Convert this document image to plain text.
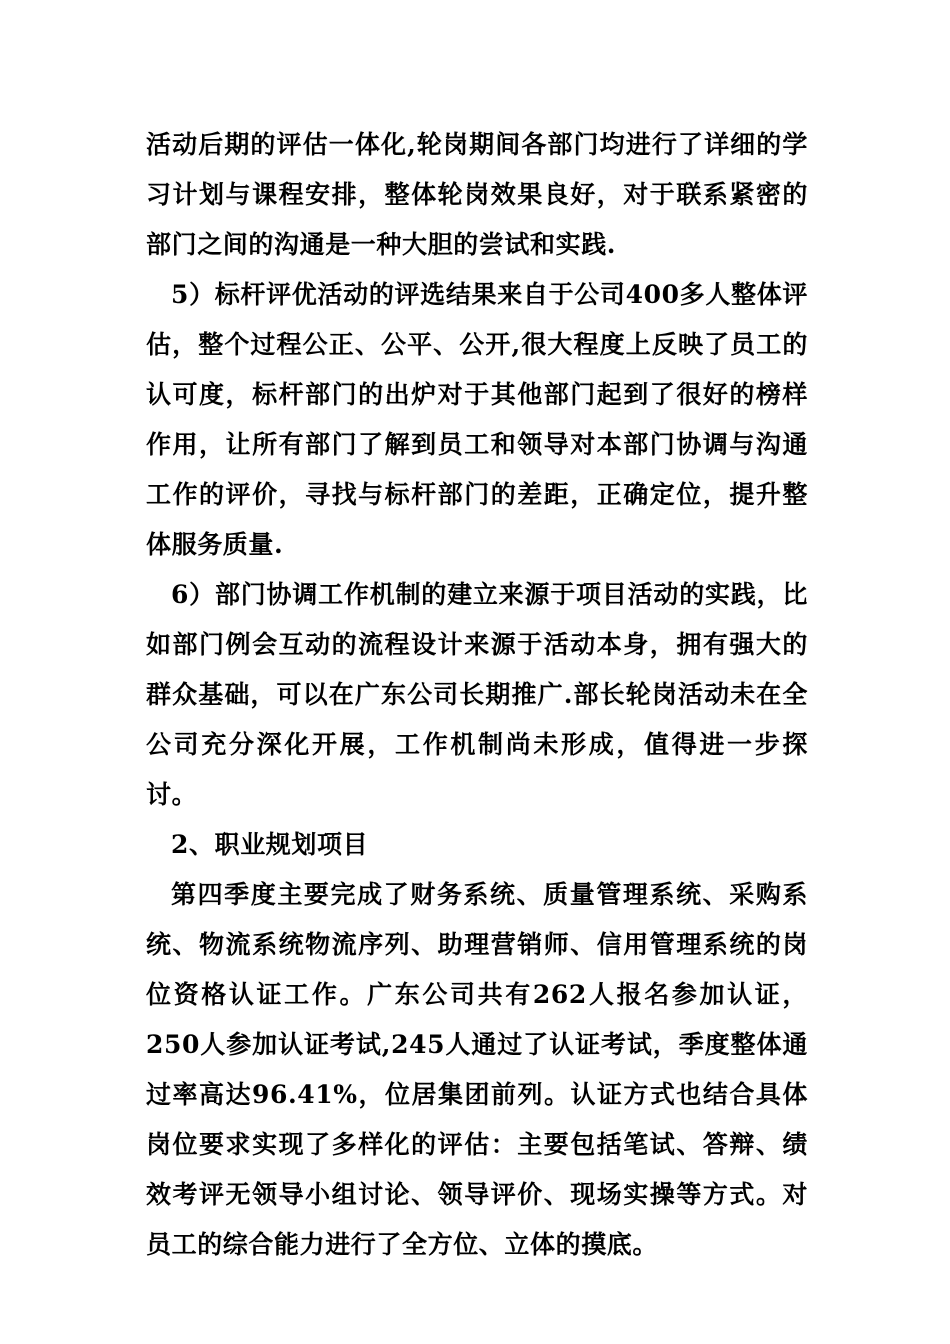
活动后期的评估一体化,轮岗期间各部门均进行了详细的学习计划与课程安排，整体轮岗效果良好，对于联系紧密的部门之间的沟通是一种大胆的尝试和实践.

5）标杆评优活动的评选结果来自于公司400多人整体评估，整个过程公正、公平、公开,很大程度上反映了员工的认可度，标杆部门的出炉对于其他部门起到了很好的榜样作用，让所有部门了解到员工和领导对本部门协调与沟通工作的评价，寻找与标杆部门的差距，正确定位，提升整体服务质量.

6）部门协调工作机制的建立来源于项目活动的实践，比如部门例会互动的流程设计来源于活动本身，拥有强大的群众基础，可以在广东公司长期推广.部长轮岗活动未在全公司充分深化开展，工作机制尚未形成，值得进一步探讨。

2、职业规划项目

第四季度主要完成了财务系统、质量管理系统、采购系统、物流系统物流序列、助理营销师、信用管理系统的岗位资格认证工作。广东公司共有262人报名参加认证，250人参加认证考试,245人通过了认证考试，季度整体通过率高达96.41%，位居集团前列。认证方式也结合具体岗位要求实现了多样化的评估：主要包括笔试、答辩、绩效考评无领导小组讨论、领导评价、现场实操等方式。对员工的综合能力进行了全方位、立体的摸底。
